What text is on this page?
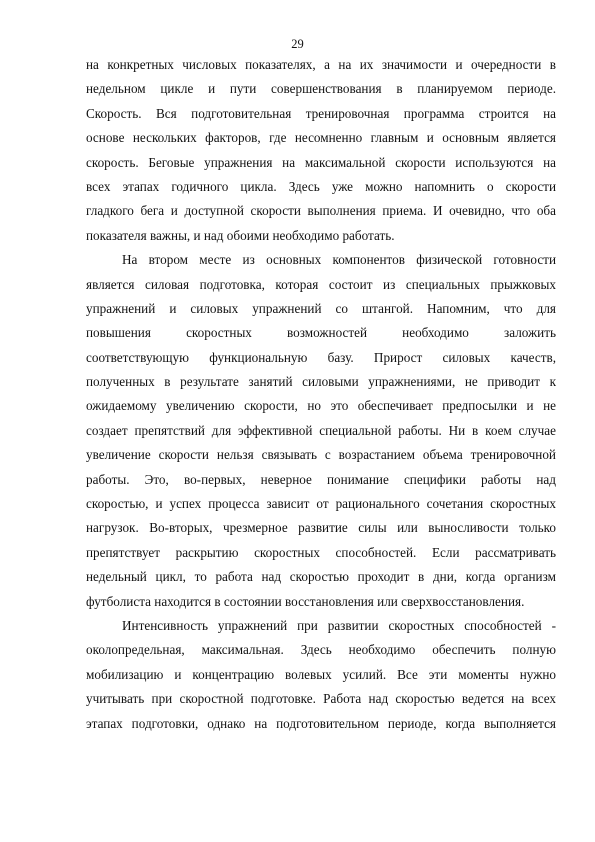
29

на конкретных числовых показателях, а на их значимости и очередности в
недельном цикле и пути совершенствования в планируемом периоде.
Скорость. Вся подготовительная тренировочная программа строится на
основе нескольких факторов, где несомненно главным и основным является
скорость. Беговые упражнения на максимальной скорости используются на
всех этапах годичного цикла. Здесь уже можно напомнить о скорости
гладкого бега и доступной скорости выполнения приема. И очевидно, что оба
показателя важны, и над обоими необходимо работать.

На втором месте из основных компонентов физической готовности
является силовая подготовка, которая состоит из специальных прыжковых
упражнений и силовых упражнений со штангой. Напомним, что для
повышения скоростных возможностей необходимо заложить
соответствующую функциональную базу. Прирост силовых качеств,
полученных в результате занятий силовыми упражнениями, не приводит к
ожидаемому увеличению скорости, но это обеспечивает предпосылки и не
создает препятствий для эффективной специальной работы. Ни в коем случае
увеличение скорости нельзя связывать с возрастанием объема тренировочной
работы. Это, во-первых, неверное понимание специфики работы над
скоростью, и успех процесса зависит от рационального сочетания скоростных
нагрузок. Во-вторых, чрезмерное развитие силы или выносливости только
препятствует раскрытию скоростных способностей. Если рассматривать
недельный цикл, то работа над скоростью проходит в дни, когда организм
футболиста находится в состоянии восстановления или сверхвосстановления.

Интенсивность упражнений при развитии скоростных способностей -
околопредельная, максимальная. Здесь необходимо обеспечить полную
мобилизацию и концентрацию волевых усилий. Все эти моменты нужно
учитывать при скоростной подготовке. Работа над скоростью ведется на всех
этапах подготовки, однако на подготовительном периоде, когда выполняется
